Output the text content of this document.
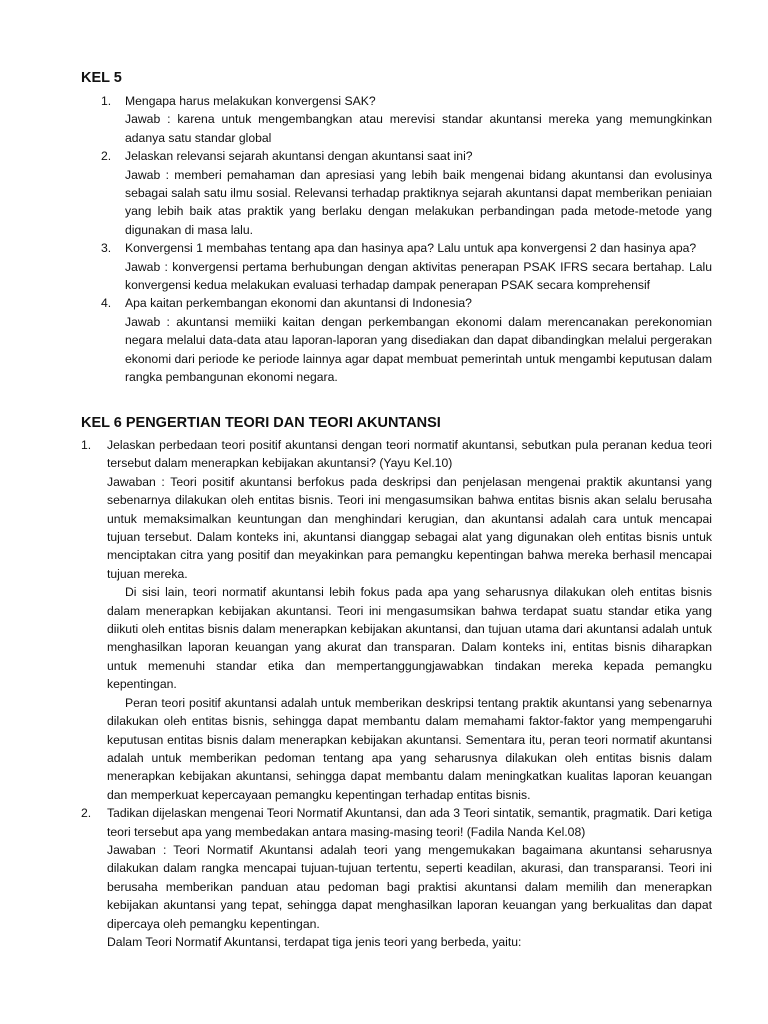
KEL 5
1. Mengapa harus melakukan konvergensi SAK?

Jawab : karena untuk mengembangkan atau merevisi standar akuntansi mereka yang memungkinkan adanya satu standar global

2. Jelaskan relevansi sejarah akuntansi dengan akuntansi saat ini?

Jawab : memberi pemahaman dan apresiasi yang lebih baik mengenai bidang akuntansi dan evolusinya sebagai salah satu ilmu sosial. Relevansi terhadap praktiknya sejarah akuntansi dapat memberikan peniaian yang lebih baik atas praktik yang berlaku dengan melakukan perbandingan pada metode-metode yang digunakan di masa lalu.

3. Konvergensi 1 membahas tentang apa dan hasinya apa? Lalu untuk apa konvergensi 2 dan hasinya apa?

Jawab : konvergensi pertama berhubungan dengan aktivitas penerapan PSAK IFRS secara bertahap. Lalu konvergensi kedua melakukan evaluasi terhadap dampak penerapan PSAK secara komprehensif

4. Apa kaitan perkembangan ekonomi dan akuntansi di Indonesia?

Jawab : akuntansi memiiki kaitan dengan perkembangan ekonomi dalam merencanakan perekonomian negara melalui data-data atau laporan-laporan yang disediakan dan dapat dibandingkan melalui pergerakan ekonomi dari periode ke periode lainnya agar dapat membuat pemerintah untuk mengambi keputusan dalam rangka pembangunan ekonomi negara.

KEL 6 PENGERTIAN TEORI DAN TEORI AKUNTANSI
1. Jelaskan perbedaan teori positif akuntansi dengan teori normatif akuntansi, sebutkan pula peranan kedua teori tersebut dalam menerapkan kebijakan akuntansi? (Yayu Kel.10)

Jawaban : Teori positif akuntansi berfokus pada deskripsi dan penjelasan mengenai praktik akuntansi yang sebenarnya dilakukan oleh entitas bisnis. Teori ini mengasumsikan bahwa entitas bisnis akan selalu berusaha untuk memaksimalkan keuntungan dan menghindari kerugian, dan akuntansi adalah cara untuk mencapai tujuan tersebut. Dalam konteks ini, akuntansi dianggap sebagai alat yang digunakan oleh entitas bisnis untuk menciptakan citra yang positif dan meyakinkan para pemangku kepentingan bahwa mereka berhasil mencapai tujuan mereka.

Di sisi lain, teori normatif akuntansi lebih fokus pada apa yang seharusnya dilakukan oleh entitas bisnis dalam menerapkan kebijakan akuntansi. Teori ini mengasumsikan bahwa terdapat suatu standar etika yang diikuti oleh entitas bisnis dalam menerapkan kebijakan akuntansi, dan tujuan utama dari akuntansi adalah untuk menghasilkan laporan keuangan yang akurat dan transparan. Dalam konteks ini, entitas bisnis diharapkan untuk memenuhi standar etika dan mempertanggungjawabkan tindakan mereka kepada pemangku kepentingan.

Peran teori positif akuntansi adalah untuk memberikan deskripsi tentang praktik akuntansi yang sebenarnya dilakukan oleh entitas bisnis, sehingga dapat membantu dalam memahami faktor-faktor yang mempengaruhi keputusan entitas bisnis dalam menerapkan kebijakan akuntansi. Sementara itu, peran teori normatif akuntansi adalah untuk memberikan pedoman tentang apa yang seharusnya dilakukan oleh entitas bisnis dalam menerapkan kebijakan akuntansi, sehingga dapat membantu dalam meningkatkan kualitas laporan keuangan dan memperkuat kepercayaan pemangku kepentingan terhadap entitas bisnis.

2. Tadikan dijelaskan mengenai Teori Normatif Akuntansi, dan ada 3 Teori sintatik, semantik, pragmatik. Dari ketiga teori tersebut apa yang membedakan antara masing-masing teori! (Fadila Nanda Kel.08)

Jawaban : Teori Normatif Akuntansi adalah teori yang mengemukakan bagaimana akuntansi seharusnya dilakukan dalam rangka mencapai tujuan-tujuan tertentu, seperti keadilan, akurasi, dan transparansi. Teori ini berusaha memberikan panduan atau pedoman bagi praktisi akuntansi dalam memilih dan menerapkan kebijakan akuntansi yang tepat, sehingga dapat menghasilkan laporan keuangan yang berkualitas dan dapat dipercaya oleh pemangku kepentingan.

Dalam Teori Normatif Akuntansi, terdapat tiga jenis teori yang berbeda, yaitu:
